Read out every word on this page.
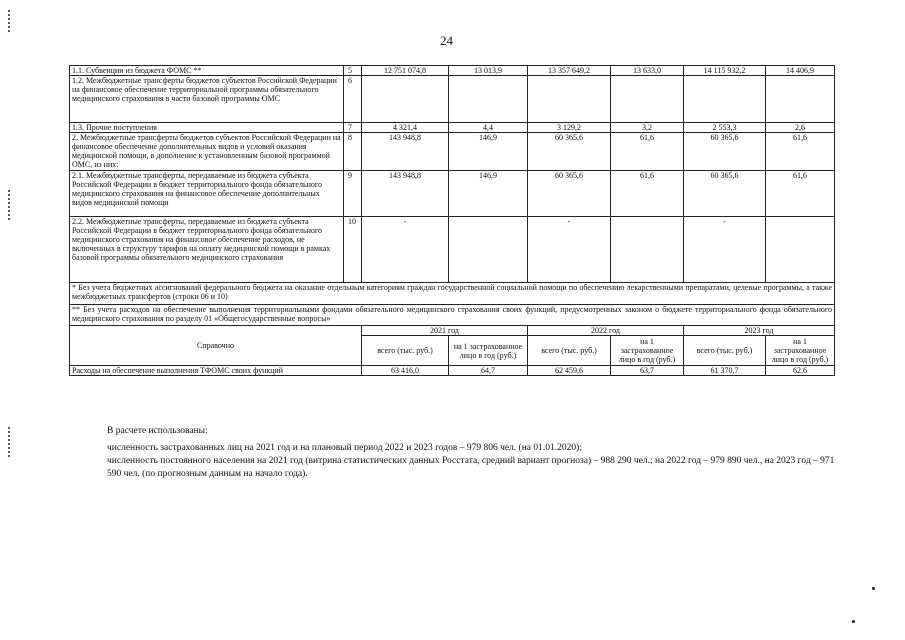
24
1.1. Субвенции из бюджета ФОМС **	5	12 751 074,8	13 013,9	13 357 649,2	13 633,0	14 115 932,2	14 406,9
1.2. Межбюджетные трансферты бюджетов субъектов Российской Федерации на финансовое обеспечение территориальной программы обязательного медицинского страхования в части базовой программы ОМС	6						
1.3. Прочие поступления	7	4 321,4	4,4	3 129,2	3,2	2 553,3	2,6
2. Межбюджетные трансферты бюджетов субъектов Российской Федерации на финансовое обеспечение дополнительных видов и условий оказания медицинской помощи, в дополнение к установленным базовой программой ОМС, из них:	8	143 948,8	146,9	60 365,6	61,6	60 365,6	61,6
2.1. Межбюджетные трансферты, передаваемые из бюджета субъекта Российской Федерации в бюджет территориального фонда обязательного медицинского страхования на финансовое обеспечение дополнительных видов медицинской помощи	9	143 948,8	146,9	60 365,6	61,6	60 365,6	61,6
2.2. Межбюджетные трансферты, передаваемые из бюджета субъекта Российской Федерации в бюджет территориального фонда обязательного медицинского страхования на финансовое обеспечение расходов, не включенных в структуру тарифов на оплату медицинской помощи в рамках базовой программы обязательного медицинского страхования	10	-		-		-	
* Без учета бюджетных ассигнований федерального бюджета на оказание отдельным категориям граждан государственной социальной помощи по обеспечению лекарственными препаратами, целевые программы, а также межбюджетных трансфертов (строки 06 и 10)							
** Без учета расходов на обеспечение выполнения территориальными фондами обязательного медицинского страхования своих функций, предусмотренных законом о бюджете территориального фонда обязательного медицинского страхования по разделу 01 «Общегосударственные вопросы»							
Справочно		2021 год		2022 год		2023 год	
		всего (тыс. руб.)	на 1 застрахованное лицо в год (руб.)	всего (тыс. руб.)	на 1 застрахованное лицо в год (руб.)	всего (тыс. руб.)	на 1 застрахованное лицо в год (руб.)
Расходы на обеспечение выполнения ТФОМС своих функций		63 416,0	64,7	62 459,6	63,7	61 370,7	62,6

В расчете использованы:

численность застрахованных лиц на 2021 год и на плановый период 2022 и 2023 годов – 979 806 чел. (на 01.01.2020);

численность постоянного населения на 2021 год (витрина статистических данных Росстата, средний вариант прогноза) – 988 290 чел.; на 2022 год – 979 890 чел., на 2023 год – 971 590 чел. (по прогнозным данным на начало года).
